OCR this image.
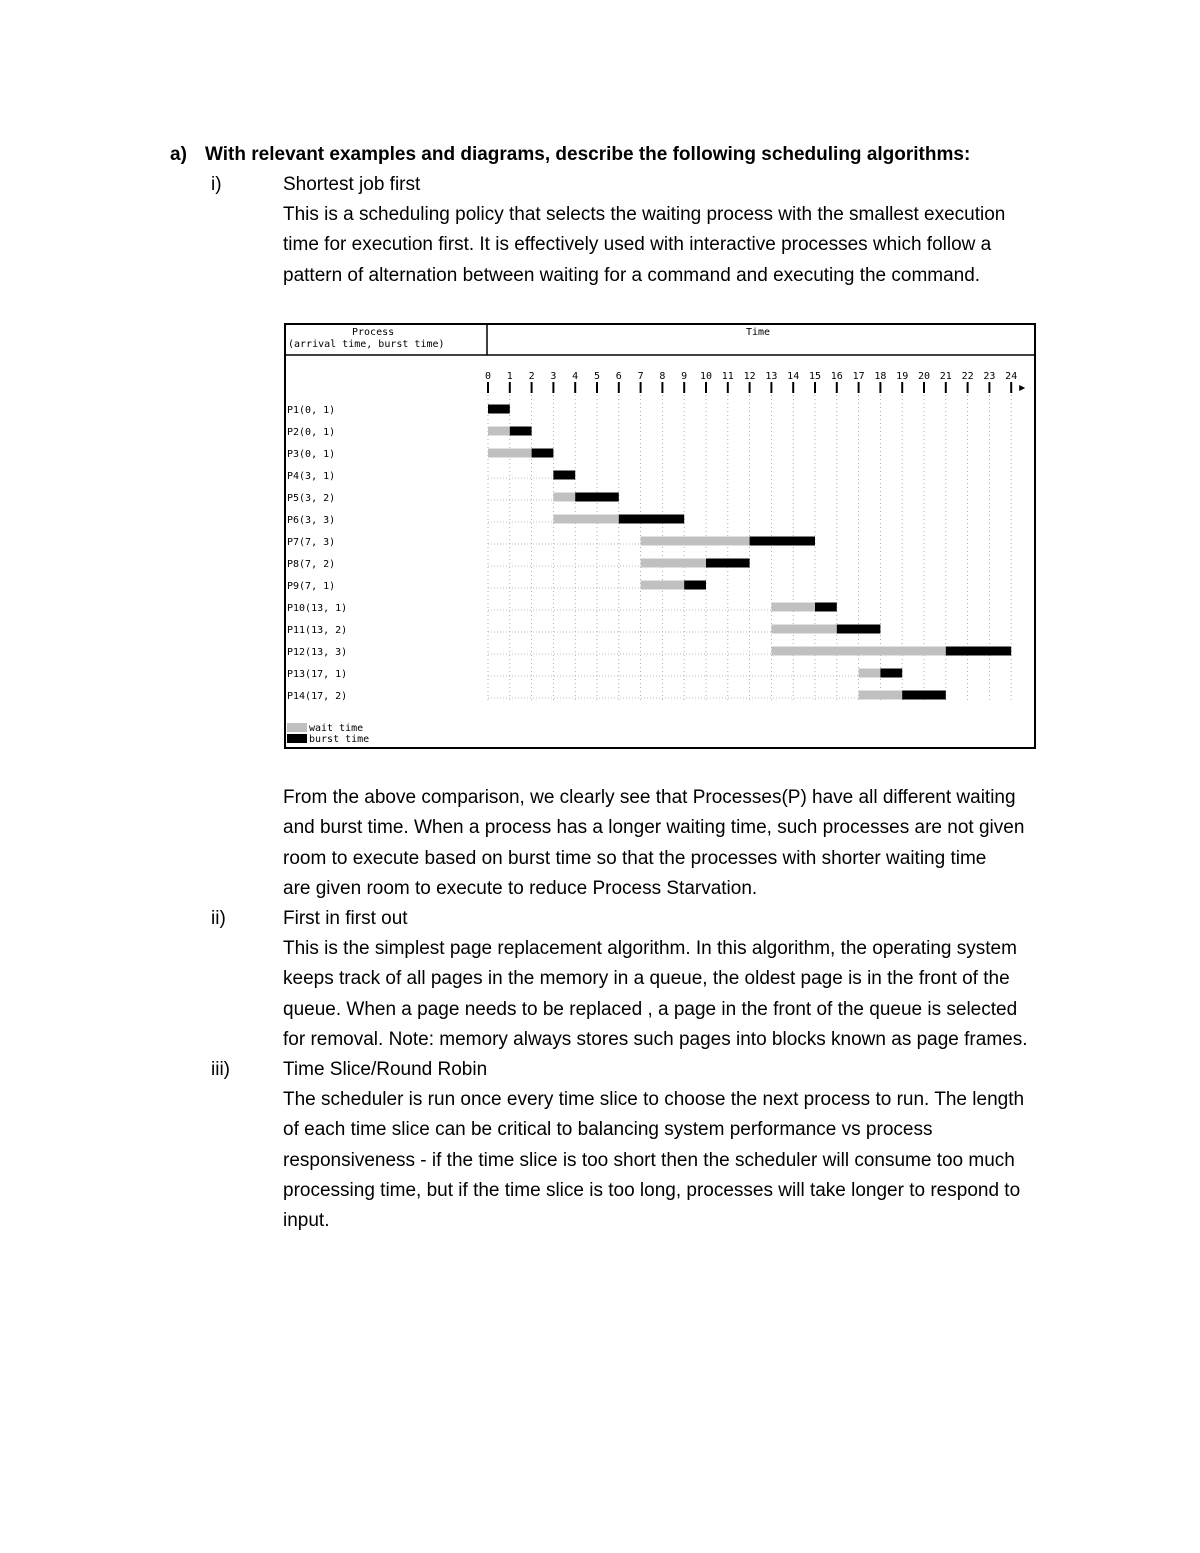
a) With relevant examples and diagrams, describe the following scheduling algorithms:
i)	Shortest job first
This is a scheduling policy that selects the waiting process with the smallest execution
time for execution first. It is effectively used with interactive processes which follow a
pattern of alternation between waiting for a command and executing the command.
Process
(arrival time, burst time)
Time
0 1 2 3 4 5 6 7 8 9 10 11 12 13 14 15 16 17 18 19 20 21 22 23 24
P1(0, 1)
P2(0, 1)
P3(0, 1)
P4(3, 1)
P5(3, 2)
P6(3, 3)
P7(7, 3)
P8(7, 2)
P9(7, 1)
P10(13, 1)
P11(13, 2)
P12(13, 3)
P13(17, 1)
P14(17, 2)
wait time
burst time
From the above comparison, we clearly see that Processes(P) have all different waiting
and burst time. When a process has a longer waiting time, such processes are not given
room to execute based on burst time so that the processes with shorter waiting time
are given room to execute to reduce Process Starvation.
ii)	First in first out
This is the simplest page replacement algorithm. In this algorithm, the operating system
keeps track of all pages in the memory in a queue, the oldest page is in the front of the
queue. When a page needs to be replaced , a page in the front of the queue is selected
for removal. Note: memory always stores such pages into blocks known as page frames.
iii)	Time Slice/Round Robin
The scheduler is run once every time slice to choose the next process to run. The length
of each time slice can be critical to balancing system performance vs process
responsiveness - if the time slice is too short then the scheduler will consume too much
processing time, but if the time slice is too long, processes will take longer to respond to
input.
